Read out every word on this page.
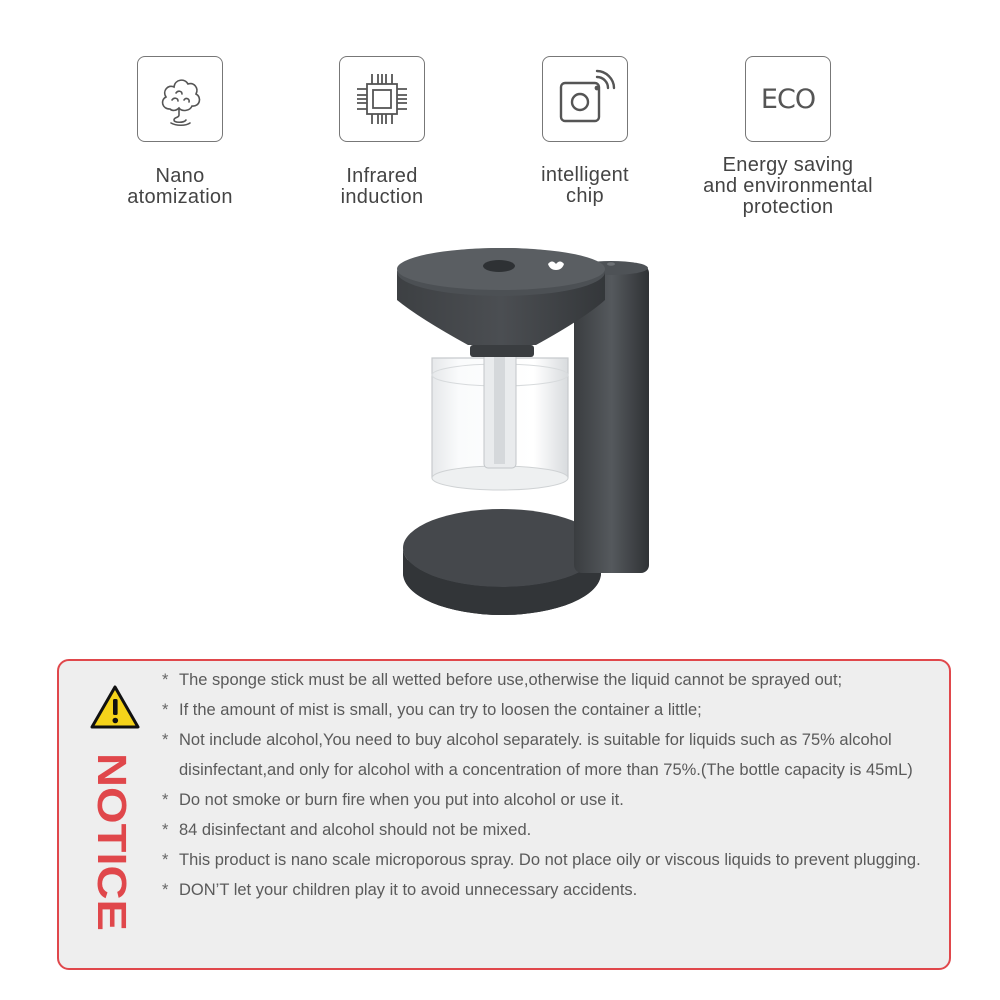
Nano
atomization
Infrared
induction
intelligent
chip
ECO
Energy saving
and environmental
protection
NOTICE
* The sponge stick must be all wetted before use,otherwise the liquid cannot be sprayed out;
* If the amount of mist is small, you can try to loosen the container a little;
* Not include alcohol,You need to buy alcohol separately. is suitable for liquids such as 75% alcohol disinfectant,and only for alcohol with a concentration of more than 75%.(The bottle capacity is 45mL)
* Do not smoke or burn fire when you put into alcohol or use it.
* 84 disinfectant and alcohol should not be mixed.
* This product is nano scale microporous spray. Do not place oily or viscous liquids to prevent plugging.
* DON’T let your children play it to avoid unnecessary accidents.
